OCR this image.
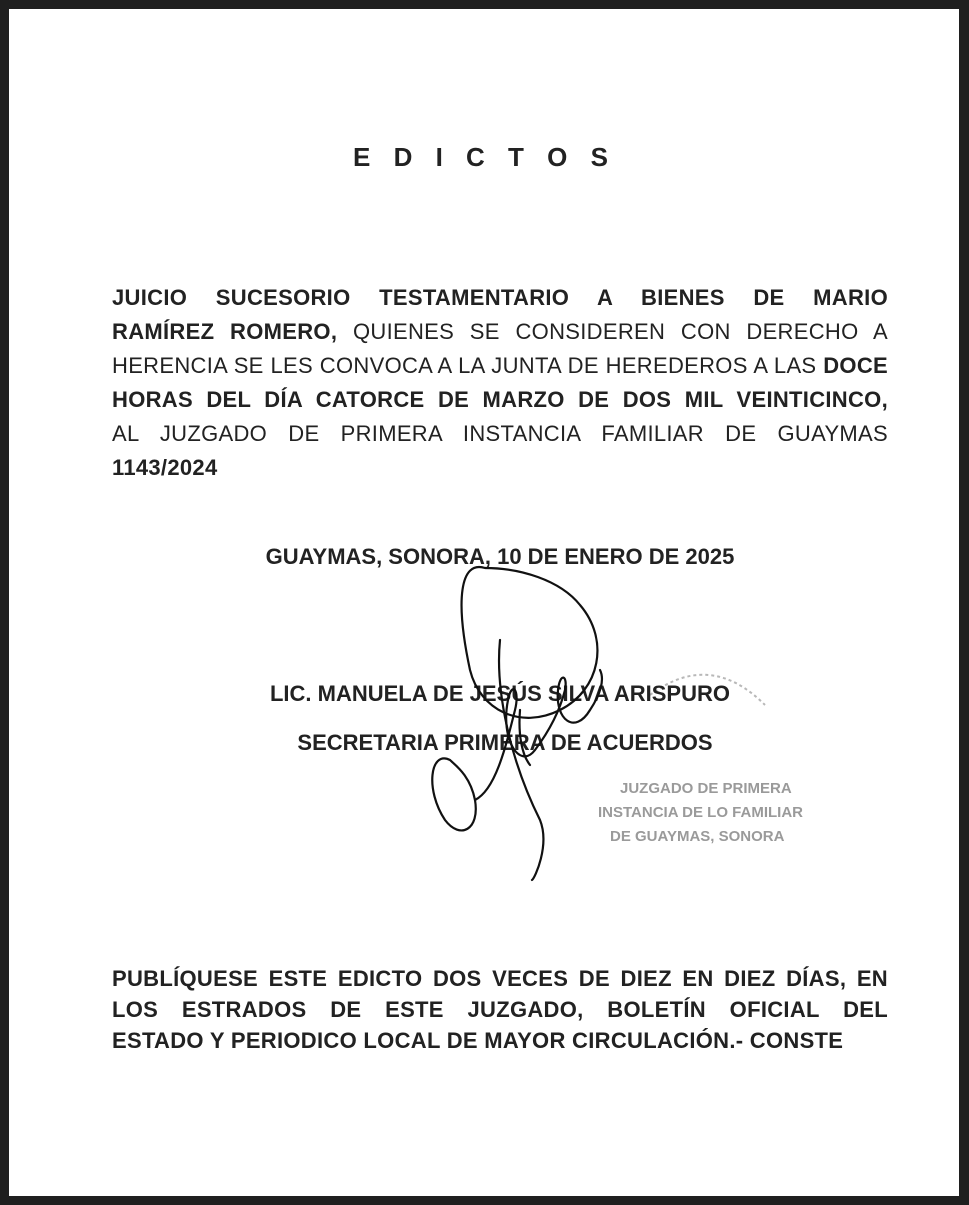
E D I C T O S
JUICIO SUCESORIO TESTAMENTARIO A BIENES DE MARIO
RAMÍREZ ROMERO, QUIENES SE CONSIDEREN CON DERECHO A
HERENCIA SE LES CONVOCA A LA JUNTA DE HEREDEROS A LAS DOCE
HORAS DEL DÍA CATORCE DE MARZO DE DOS MIL VEINTICINCO,
AL JUZGADO DE PRIMERA INSTANCIA FAMILIAR DE GUAYMAS
1143/2024
GUAYMAS, SONORA, 10 DE ENERO DE 2025
JUZGADO DE PRIMERA
INSTANCIA DE LO FAMILIAR
DE GUAYMAS, SONORA
LIC. MANUELA DE JESÚS SILVA ARISPURO
SECRETARIA PRIMERA DE ACUERDOS
PUBLÍQUESE ESTE EDICTO DOS VECES DE DIEZ EN DIEZ DÍAS, EN
LOS ESTRADOS DE ESTE JUZGADO, BOLETÍN OFICIAL DEL
ESTADO Y PERIODICO LOCAL DE MAYOR CIRCULACIÓN.- CONSTE
